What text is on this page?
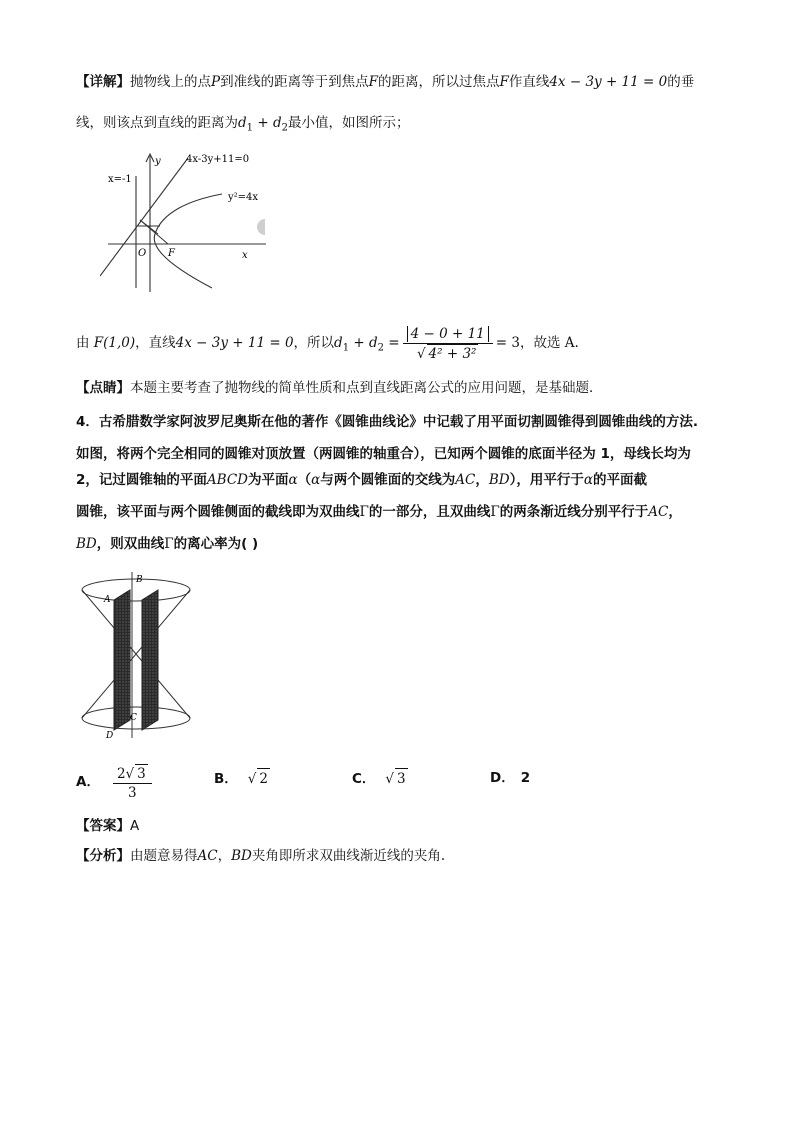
【详解】抛物线上的点P到准线的距离等于到焦点F的距离，所以过焦点F作直线4x − 3y + 11 = 0的垂
线，则该点到直线的距离为$d_1 + d_2$最小值，如图所示；
x=-1
y	4x-3y+11=0
y²=4x
O F	x
由 F(1,0)，直线4x − 3y + 11 = 0，所以$d_1 + d_2 = \frac{4 - 0 + 11}{\text{√ 4² + 3²}} = 3$，故选 A.
【点睛】本题主要考查了抛物线的简单性质和点到直线距离公式的应用问题，是基础题．
4．古希腊数学家阿波罗尼奥斯在他的著作《圆锥曲线论》中记载了用平面切割圆锥得到圆锥曲线的方法.
如图，将两个完全相同的圆锥对顶放置（两圆锥的轴重合），已知两个圆锥的底面半径为 1，母线长均为
2，记过圆锥轴的平面ABCD为平面α（α与两个圆锥面的交线为AC，BD），用平行于α的平面截
圆锥，该平面与两个圆锥侧面的截线即为双曲线Γ的一部分，且双曲线Γ的两条渐近线分别平行于AC，
BD，则双曲线Γ的离心率为( )
B
A
C
D
A． $\frac{2√ 3}{3}$	B． √ 2	C． √ 3	D． 2
【答案】A
【分析】由题意易得AC，BD夹角即所求双曲线渐近线的夹角.
